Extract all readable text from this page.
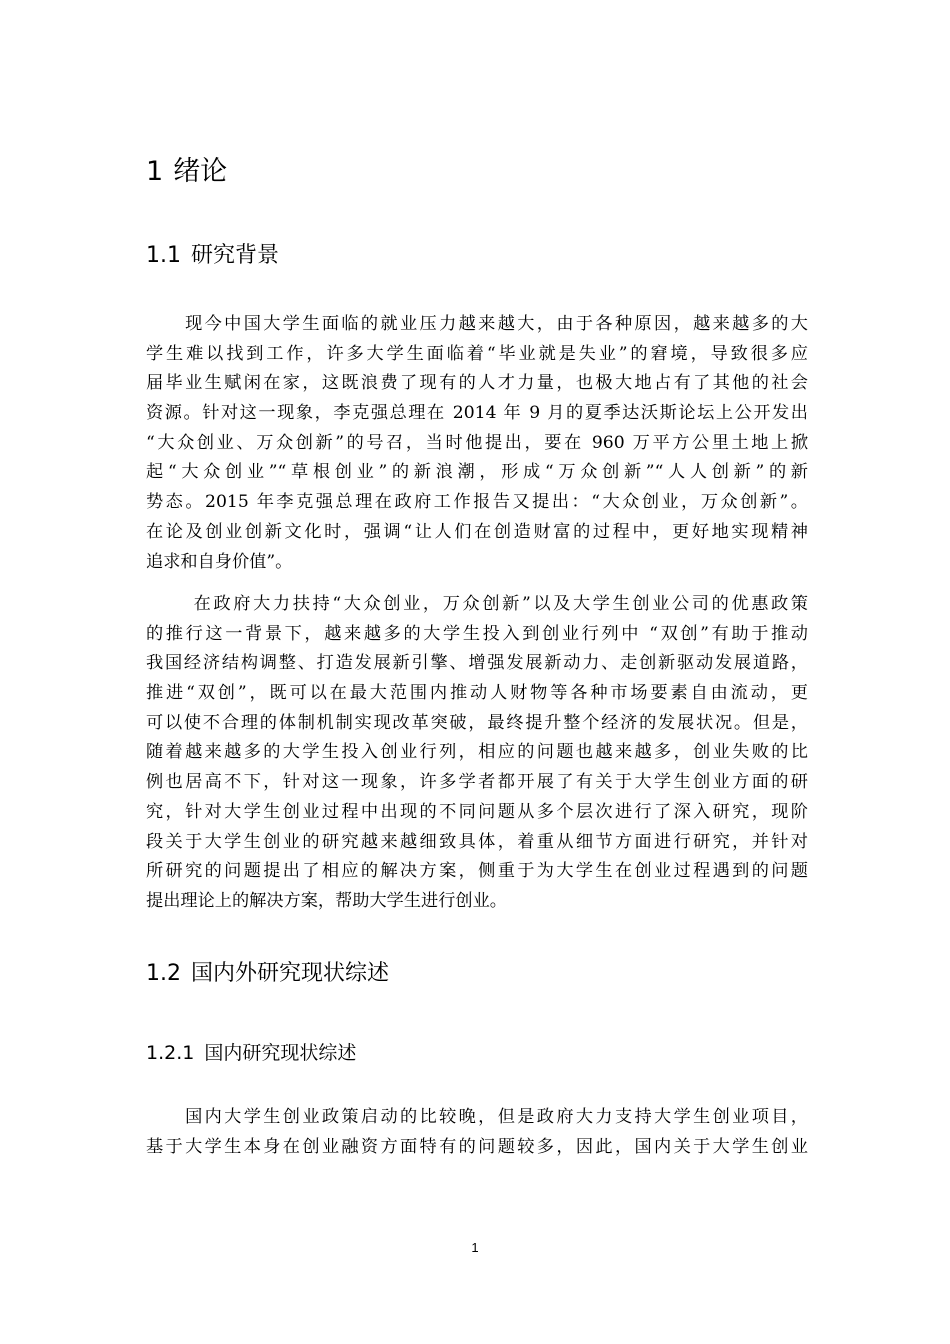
1 绪论
1.1 研究背景
　　现今中国大学生面临的就业压力越来越大，由于各种原因，越来越多的大
学生难以找到工作，许多大学生面临着“毕业就是失业”的窘境，导致很多应
届毕业生赋闲在家，这既浪费了现有的人才力量，也极大地占有了其他的社会
资源。针对这一现象，李克强总理在 2014 年 9 月的夏季达沃斯论坛上公开发出
“大众创业、万众创新”的号召，当时他提出，要在 960 万平方公里土地上掀
起“大众创业”“草根创业”的新浪潮，形成“万众创新”“人人创新”的新
势态。2015 年李克强总理在政府工作报告又提出：“大众创业，万众创新”。
在论及创业创新文化时，强调“让人们在创造财富的过程中，更好地实现精神
追求和自身价值”。
　　 在政府大力扶持“大众创业，万众创新”以及大学生创业公司的优惠政策
的推行这一背景下，越来越多的大学生投入到创业行列中 “双创”有助于推动
我国经济结构调整、打造发展新引擎、增强发展新动力、走创新驱动发展道路，
推进“双创”，既可以在最大范围内推动人财物等各种市场要素自由流动，更
可以使不合理的体制机制实现改革突破，最终提升整个经济的发展状况。但是，
随着越来越多的大学生投入创业行列，相应的问题也越来越多，创业失败的比
例也居高不下，针对这一现象，许多学者都开展了有关于大学生创业方面的研
究，针对大学生创业过程中出现的不同问题从多个层次进行了深入研究，现阶
段关于大学生创业的研究越来越细致具体，着重从细节方面进行研究，并针对
所研究的问题提出了相应的解决方案，侧重于为大学生在创业过程遇到的问题
提出理论上的解决方案，帮助大学生进行创业。
1.2 国内外研究现状综述
1.2.1 国内研究现状综述
　　国内大学生创业政策启动的比较晚，但是政府大力支持大学生创业项目，
基于大学生本身在创业融资方面特有的问题较多，因此，国内关于大学生创业
1
